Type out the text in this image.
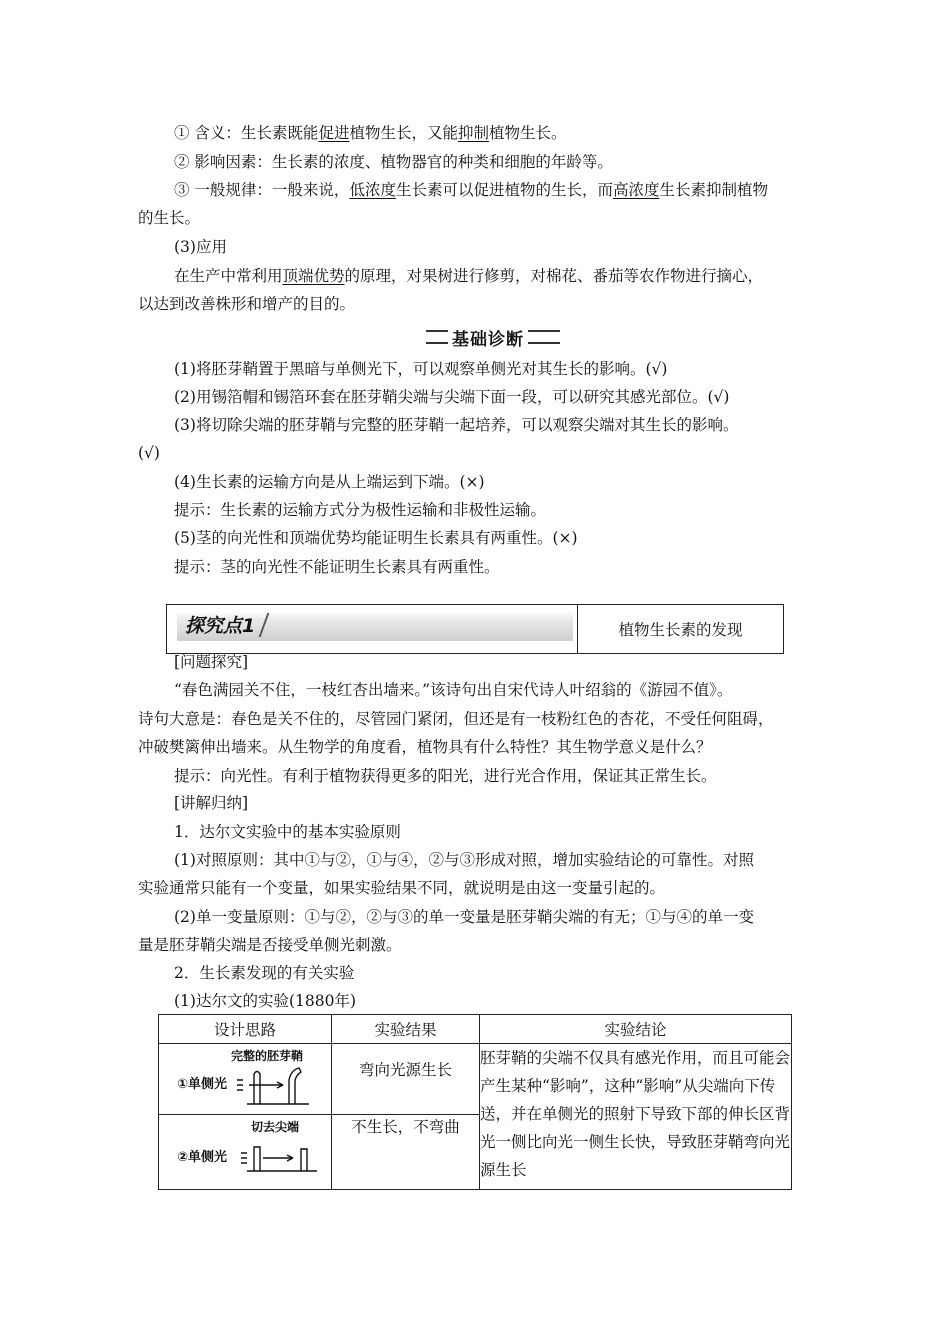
① 含义：生长素既能促进植物生长，又能抑制植物生长。
② 影响因素：生长素的浓度、植物器官的种类和细胞的年龄等。
③ 一般规律：一般来说，低浓度生长素可以促进植物的生长，而高浓度生长素抑制植物
的生长。
(3)应用
在生产中常利用顶端优势的原理，对果树进行修剪，对棉花、番茄等农作物进行摘心，
以达到改善株形和增产的目的。
基础诊断
(1)将胚芽鞘置于黑暗与单侧光下，可以观察单侧光对其生长的影响。(√)
(2)用锡箔帽和锡箔环套在胚芽鞘尖端与尖端下面一段，可以研究其感光部位。(√)
(3)将切除尖端的胚芽鞘与完整的胚芽鞘一起培养，可以观察尖端对其生长的影响。
(√)
(4)生长素的运输方向是从上端运到下端。(×)
提示：生长素的运输方式分为极性运输和非极性运输。
(5)茎的向光性和顶端优势均能证明生长素具有两重性。(×)
提示：茎的向光性不能证明生长素具有两重性。
探究点1	植物生长素的发现
[问题探究]
“春色满园关不住，一枝红杏出墙来。”该诗句出自宋代诗人叶绍翁的《游园不值》。
诗句大意是：春色是关不住的，尽管园门紧闭，但还是有一枝粉红色的杏花，不受任何阻碍，
冲破樊篱伸出墙来。从生物学的角度看，植物具有什么特性？其生物学意义是什么？
提示：向光性。有利于植物获得更多的阳光，进行光合作用，保证其正常生长。
[讲解归纳]
1．达尔文实验中的基本实验原则
(1)对照原则：其中①与②，①与④，②与③形成对照，增加实验结论的可靠性。对照
实验通常只能有一个变量，如果实验结果不同，就说明是由这一变量引起的。
(2)单一变量原则：①与②，②与③的单一变量是胚芽鞘尖端的有无；①与④的单一变
量是胚芽鞘尖端是否接受单侧光刺激。
2．生长素发现的有关实验
(1)达尔文的实验(1880年)
设计思路	实验结果	实验结论

完整的胚芽鞘
①单侧光	弯向光源生长	胚芽鞘的尖端不仅具有感光作用，而且可能会产生某种“影响”，这种“影响”从尖端向下传送，并在单侧光的照射下导致下部的伸长区背光一侧比向光一侧生长快，导致胚芽鞘弯向光源生长

切去尖端
②单侧光	不生长，不弯曲	
